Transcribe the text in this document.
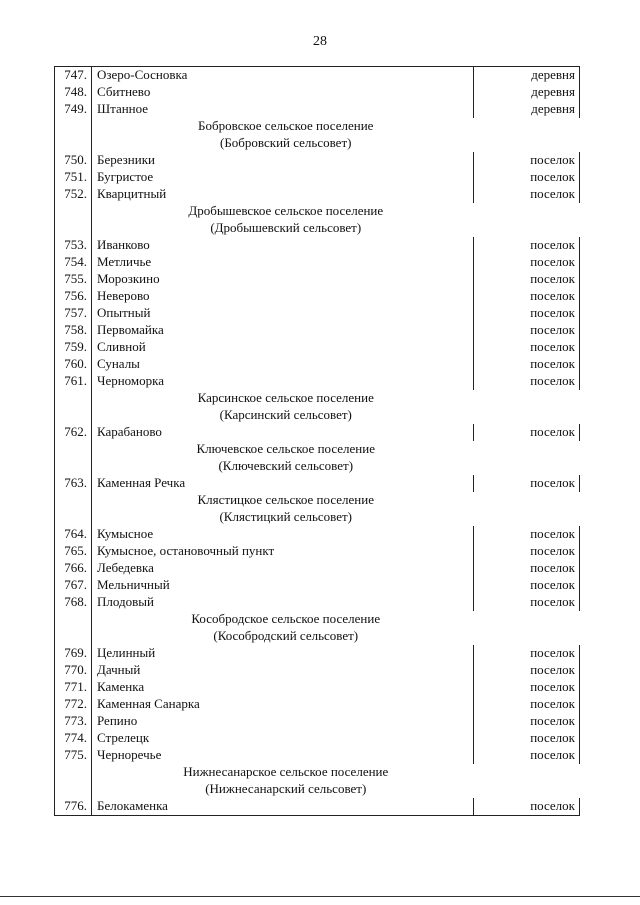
28
747.	Озеро-Сосновка	деревня
748.	Сбитнево	деревня
749.	Штанное	деревня
	Бобровское сельское поселение	
	(Бобровский сельсовет)	
750.	Березники	поселок
751.	Бугристое	поселок
752.	Кварцитный	поселок
	Дробышевское сельское поселение	
	(Дробышевский сельсовет)	
753.	Иванково	поселок
754.	Метличье	поселок
755.	Морозкино	поселок
756.	Неверово	поселок
757.	Опытный	поселок
758.	Первомайка	поселок
759.	Сливной	поселок
760.	Суналы	поселок
761.	Черноморка	поселок
	Карсинское сельское поселение	
	(Карсинский сельсовет)	
762.	Карабаново	поселок
	Ключевское сельское поселение	
	(Ключевский сельсовет)	
763.	Каменная Речка	поселок
	Клястицкое сельское поселение	
	(Клястицкий сельсовет)	
764.	Кумысное	поселок
765.	Кумысное, остановочный пункт	поселок
766.	Лебедевка	поселок
767.	Мельничный	поселок
768.	Плодовый	поселок
	Кособродское сельское поселение	
	(Кособродский сельсовет)	
769.	Целинный	поселок
770.	Дачный	поселок
771.	Каменка	поселок
772.	Каменная Санарка	поселок
773.	Репино	поселок
774.	Стрелецк	поселок
775.	Черноречье	поселок
	Нижнесанарское сельское поселение	
	(Нижнесанарский сельсовет)	
776.	Белокаменка	поселок
